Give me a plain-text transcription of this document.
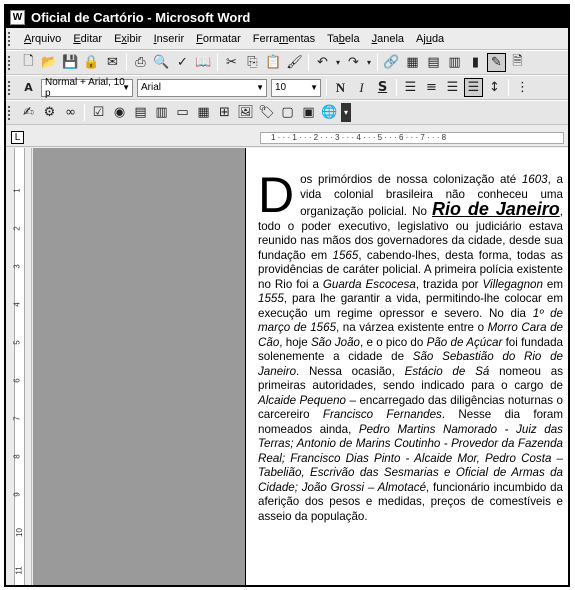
W Oficial de Cartório - Microsoft Word
Arquivo	Editar	Exibir	Inserir	Formatar	Ferramentas	Tabela	Janela	Ajuda
🗋 📂 💾 🔒 ✉	⎙ 🔍 ✓ 📖	✂ ⎘ 📋 🖌	↶	▾ ↷	▾ 🔗 ▦ ▤ ▥ ▮ ✎ 🗎
A	Normal + Arial, 10 p
▼ Arial	▼ 10	▼	N	I	S	☰ ≡ ☰ ☰ ↕	⋮
✍ ⚙ ∞	☑ ◉ ▤ ▥ ▭ ▦ ⊞ 🖼 🏷 ▢ ▣ 🌐 ▾
L	1 · · · 1 · · · 2 · · · 3 · · · 4 · · · 5 · · · 6 · · · 7 · · · 8
1
2
3
4
5
6
7
8
9
10
11
Dos primórdios de nossa colonização até 1603, a vida colonial brasileira não conheceu uma organização policial. No Rio de Janeiro, todo o poder executivo, legislativo ou judiciário estava reunido nas mãos dos governadores da cidade, desde sua fundação em 1565, cabendo-lhes, desta forma, todas as providências de caráter policial. A primeira polícia existente no Rio foi a Guarda Escocesa, trazida por Villegagnon em 1555, para lhe garantir a vida, permitindo-lhe colocar em execução um regime opressor e severo. No dia 1º de março de 1565, na várzea existente entre o Morro Cara de Cão, hoje São João, e o pico do Pão de Açúcar foi fundada solenemente a cidade de São Sebastião do Rio de Janeiro. Nessa ocasião, Estácio de Sá nomeou as primeiras autoridades, sendo indicado para o cargo de Alcaide Pequeno – encarregado das diligências noturnas o carcereiro Francisco Fernandes. Nesse dia foram nomeados ainda, Pedro Martins Namorado - Juiz das Terras; Antonio de Marins Coutinho - Provedor da Fazenda Real; Francisco Dias Pinto - Alcaide Mor, Pedro Costa – Tabelião, Escrivão das Sesmarias e Oficial de Armas da Cidade; João Grossi – Almotacé, funcionário incumbido da aferição dos pesos e medidas, preços de comestíveis e asseio da população.
